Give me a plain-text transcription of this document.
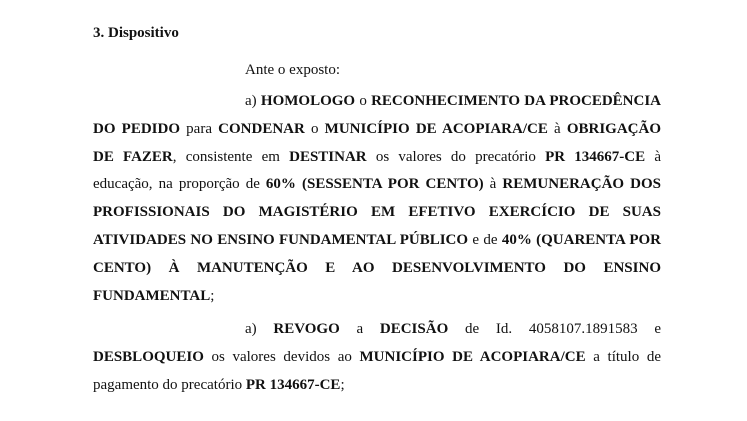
3. Dispositivo

Ante o exposto:

a) HOMOLOGO o RECONHECIMENTO DA PROCEDÊNCIA DO PEDIDO para CONDENAR o MUNICÍPIO DE ACOPIARA/CE à OBRIGAÇÃO DE FAZER, consistente em DESTINAR os valores do precatório PR 134667-CE à educação, na proporção de 60% (SESSENTA POR CENTO) à REMUNERAÇÃO DOS PROFISSIONAIS DO MAGISTÉRIO EM EFETIVO EXERCÍCIO DE SUAS ATIVIDADES NO ENSINO FUNDAMENTAL PÚBLICO e de 40% (QUARENTA POR CENTO) À MANUTENÇÃO E AO DESENVOLVIMENTO DO ENSINO FUNDAMENTAL;

a) REVOGO a DECISÃO de Id. 4058107.1891583 e DESBLOQUEIO os valores devidos ao MUNICÍPIO DE ACOPIARA/CE a título de pagamento do precatório PR 134667-CE;
